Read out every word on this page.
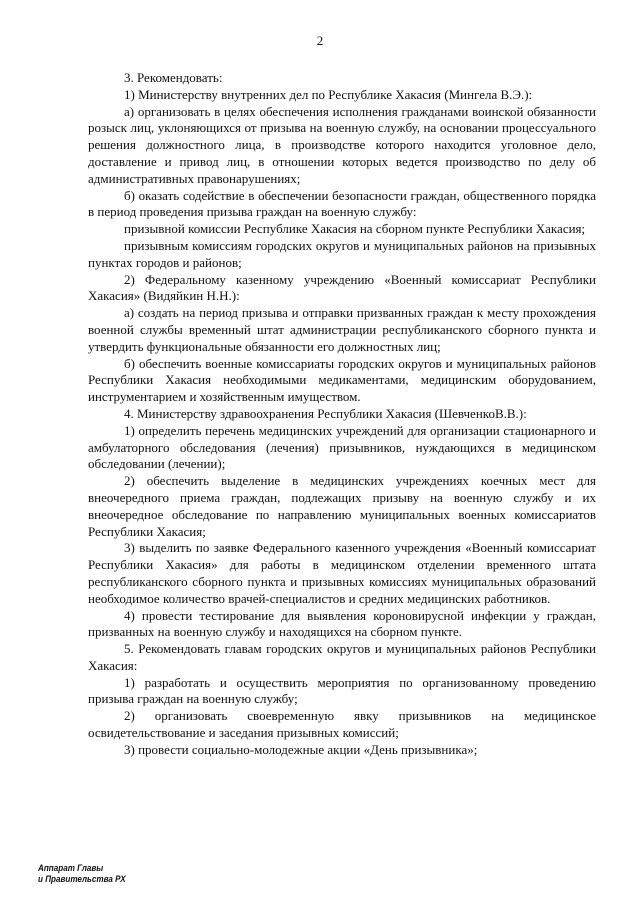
2

3. Рекомендовать:

1) Министерству внутренних дел по Республике Хакасия (Мингела В.Э.):

а) организовать в целях обеспечения исполнения гражданами воинской обязанности розыск лиц, уклоняющихся от призыва на военную службу, на основании процессуального решения должностного лица, в производстве которого находится уголовное дело, доставление и привод лиц, в отношении которых ведется производство по делу об административных правонарушениях;

б) оказать содействие в обеспечении безопасности граждан, общественного порядка в период проведения призыва граждан на военную службу:

призывной комиссии Республике Хакасия на сборном пункте Республики Хакасия;

призывным комиссиям городских округов и муниципальных районов на призывных пунктах городов и районов;

2) Федеральному казенному учреждению «Военный комиссариат Республики Хакасия» (Видяйкин Н.Н.):

а) создать на период призыва и отправки призванных граждан к месту прохождения военной службы временный штат администрации республиканского сборного пункта и утвердить функциональные обязанности его должностных лиц;

б) обеспечить военные комиссариаты городских округов и муниципальных районов Республики Хакасия необходимыми медикаментами, медицинским оборудованием, инструментарием и хозяйственным имуществом.

4. Министерству здравоохранения Республики Хакасия (ШевченкоВ.В.):

1) определить перечень медицинских учреждений для организации стационарного и амбулаторного обследования (лечения) призывников, нуждающихся в медицинском обследовании (лечении);

2) обеспечить выделение в медицинских учреждениях коечных мест для внеочередного приема граждан, подлежащих призыву на военную службу и их внеочередное обследование по направлению муниципальных военных комиссариатов Республики Хакасия;

3) выделить по заявке Федерального казенного учреждения «Военный комиссариат Республики Хакасия» для работы в медицинском отделении временного штата республиканского сборного пункта и призывных комиссиях муниципальных образований необходимое количество врачей-специалистов и средних медицинских работников.

4) провести тестирование для выявления короновирусной инфекции у граждан, призванных на военную службу и находящихся на сборном пункте.

5. Рекомендовать главам городских округов и муниципальных районов Республики Хакасия:

1) разработать и осуществить мероприятия по организованному проведению призыва граждан на военную службу;

2) организовать своевременную явку призывников на медицинское освидетельствование и заседания призывных комиссий;

3) провести социально-молодежные акции «День призывника»;

Аппарат Главы
и Правительства РХ
